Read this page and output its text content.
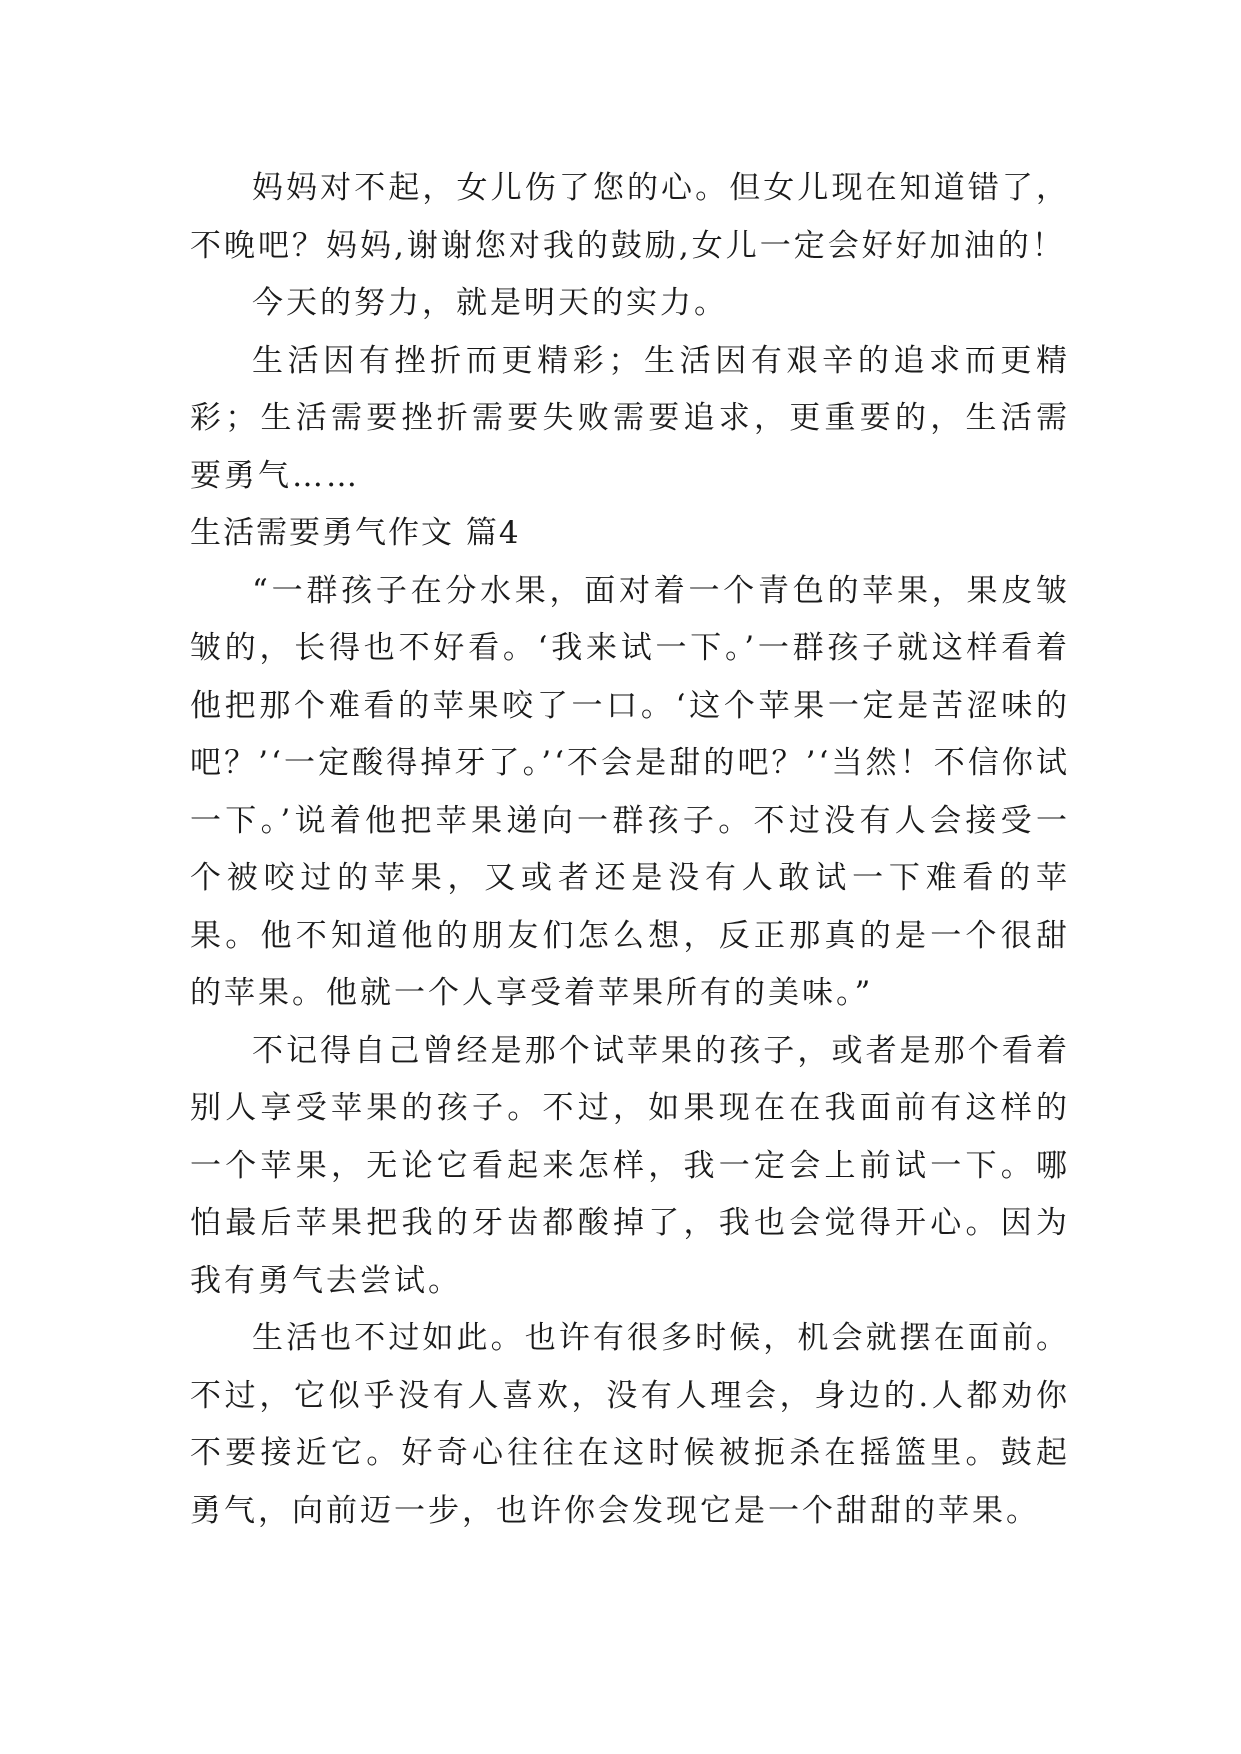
妈妈对不起，女儿伤了您的心。但女儿现在知道错了，不晚吧？妈妈,谢谢您对我的鼓励,女儿一定会好好加油的！

今天的努力，就是明天的实力。

生活因有挫折而更精彩；生活因有艰辛的追求而更精彩；生活需要挫折需要失败需要追求，更重要的，生活需要勇气……

生活需要勇气作文 篇4

“一群孩子在分水果，面对着一个青色的苹果，果皮皱皱的，长得也不好看。‘我来试一下。’一群孩子就这样看着他把那个难看的苹果咬了一口。‘这个苹果一定是苦涩味的吧？’‘一定酸得掉牙了。’‘不会是甜的吧？’‘当然！不信你试一下。’说着他把苹果递向一群孩子。不过没有人会接受一个被咬过的苹果，又或者还是没有人敢试一下难看的苹果。他不知道他的朋友们怎么想，反正那真的是一个很甜的苹果。他就一个人享受着苹果所有的美味。”

不记得自己曾经是那个试苹果的孩子，或者是那个看着别人享受苹果的孩子。不过，如果现在在我面前有这样的一个苹果，无论它看起来怎样，我一定会上前试一下。哪怕最后苹果把我的牙齿都酸掉了，我也会觉得开心。因为我有勇气去尝试。

生活也不过如此。也许有很多时候，机会就摆在面前。不过，它似乎没有人喜欢，没有人理会，身边的.人都劝你不要接近它。好奇心往往在这时候被扼杀在摇篮里。鼓起勇气，向前迈一步，也许你会发现它是一个甜甜的苹果。
